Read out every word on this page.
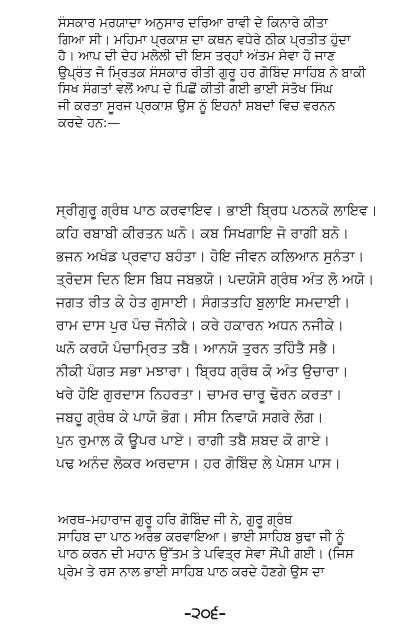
ਸੰਸਕਾਰ ਮਰਯਾਦਾ ਅਨੁਸਾਰ ਦਰਿਆ ਰਾਵੀ ਦੇ ਕਿਨਾਰੇ ਕੀਤਾ
ਗਿਆ ਸੀ। ਮਹਿਮਾ ਪ੍ਰਕਾਸ਼ ਦਾ ਕਥਨ ਵਧੇਰੇ ਠੀਕ ਪ੍ਰਤੀਤ ਹੁੰਦਾ
ਹੈ। ਆਪ ਦੀ ਦੇਹ ਮਲੋਲੀ ਦੀ ਇਸ ਤਰ੍ਹਾਂ ਅੰਤਮ ਸੇਵਾ ਹੋ ਜਾਣ
ਉਪ੍ਰੰਤ ਜੋ ਮ੍ਰਿਤਕ ਸੰਸਕਾਰ ਰੀਤੀ ਗੁਰੂ ਹਰ ਗੋਬਿੰਦ ਸਾਹਿਬ ਨੇ ਬਾਕੀ
ਸਿਖ ਸੰਗਤਾਂ ਵਲੋਂ ਆਪ ਦੇ ਪਿਛੋਂ ਕੀਤੀ ਗਈ ਭਾਈ ਸੰਤੋਖ ਸਿੰਘ
ਜੀ ਕਰਤਾ ਸੂਰਜ ਪ੍ਰਕਾਸ਼ ਉਸ ਨੂੰ ਇਹਨਾਂ ਸ਼ਬਦਾਂ ਵਿਚ ਵਰਨਨ
ਕਰਦੇ ਹਨ:—
ਸ੍ਰੀਗੁਰੂ ਗ੍ਰੰਥ ਪਾਠ ਕਰਵਾਇਵ। ਭਾਈ ਬ੍ਰਿਧ ਪਠਨਕੋ ਲਾਇਵ।
ਕਹਿ ਰਬਾਬੀ ਕੀਰਤਨ ਘਨੋ। ਕਬ ਸਿਖਗਾਇ ਜੋ ਰਾਗੀ ਬਨੋ।
ਭਜਨ ਅਖੰਡ ਪ੍ਰਵਾਹ ਬਹੰਤਾ। ਹੋਇ ਜੀਵਨ ਕਲਿਆਨ ਸੁਨੰਤਾ।
ਤ੍ਰੋਦਸ ਦਿਨ ਇਸ ਬਿਧ ਜਬਭਯੋ। ਪਦਯੋਸੋ ਗ੍ਰੰਥ ਅੰਤ ਲੋ ਅਯੋ।
ਜਗਤ ਰੀਤ ਕੇ ਹੇਤ ਗੁਸਾਈ। ਸੰਗਤਤਹਿ ਬੁਲਾਇ ਸਮਦਾਈ।
ਰਾਮ ਦਾਸ ਪੁਰ ਪੰਚ ਜੋਨੀਕੇ। ਕਰੇ ਹਕਾਰਨ ਅਧਨ ਨਜੀਕੇ।
ਘਨੋ ਕਰਯੋ ਪੰਚਾਮ੍ਰਿਤ ਤਬੈ। ਆਨਯੋ ਤੁਰਨ ਤਹਿੰਤੈ ਸਭੈ।
ਨੀਕੀ ਪੰਗਤ ਸਭਾ ਮਝਾਰਾ। ਬ੍ਰਿਧ ਗ੍ਰੰਥ ਕੋ ਅੰਤ ਉਚਾਰਾ।
ਖਰੇ ਹੋਇ ਗੁਰਦਾਸ ਨਿਹਰਤਾ। ਚਾਮਰ ਚਾਰੂ ਢੋਰਨ ਕਰਤਾ।
ਜਬਹੂ ਗ੍ਰੰਥ ਕੇ ਪਾਯੋ ਭੋਗ। ਸੀਸ ਨਿਵਾਯੋ ਸਗਰੇ ਲੋਗ।
ਪੁਨ ਰੁਮਾਲ ਕੋ ਊਪਰ ਪਾਏ। ਰਾਗੀ ਤਬੈ ਸ਼ਬਦ ਕੋ ਗਾਏ।
ਪਢ ਅਨੰਦ ਲੋਕਰ ਅਰਦਾਸ। ਹਰ ਗੋਬਿੰਦ ਲੇ ਪੇਸ਼ਸ ਪਾਸ।
ਅਰਥ–ਮਹਾਰਾਜ ਗੁਰੂ ਹਰਿ ਗੋਬਿੰਦ ਜੀ ਨੇ, ਗੁਰੂ ਗ੍ਰੰਥ
ਸਾਹਿਬ ਦਾ ਪਾਠ ਅਰੰਭ ਕਰਵਾਇਆ। ਭਾਈ ਸਾਹਿਬ ਬੁਢਾ ਜੀ ਨੂੰ
ਪਾਠ ਕਰਨ ਦੀ ਮਹਾਨ ਉੱਤਮ ਤੇ ਪਵਿਤ੍ਰ ਸੇਵਾ ਸੌਂਪੀ ਗਈ। (ਜਿਸ
ਪ੍ਰੇਮ ਤੇ ਰਸ ਨਾਲ ਭਾਈ ਸਾਹਿਬ ਪਾਠ ਕਰਦੇ ਹੋਣਗੇ ਉਸ ਦਾ
–੨੦੬–
